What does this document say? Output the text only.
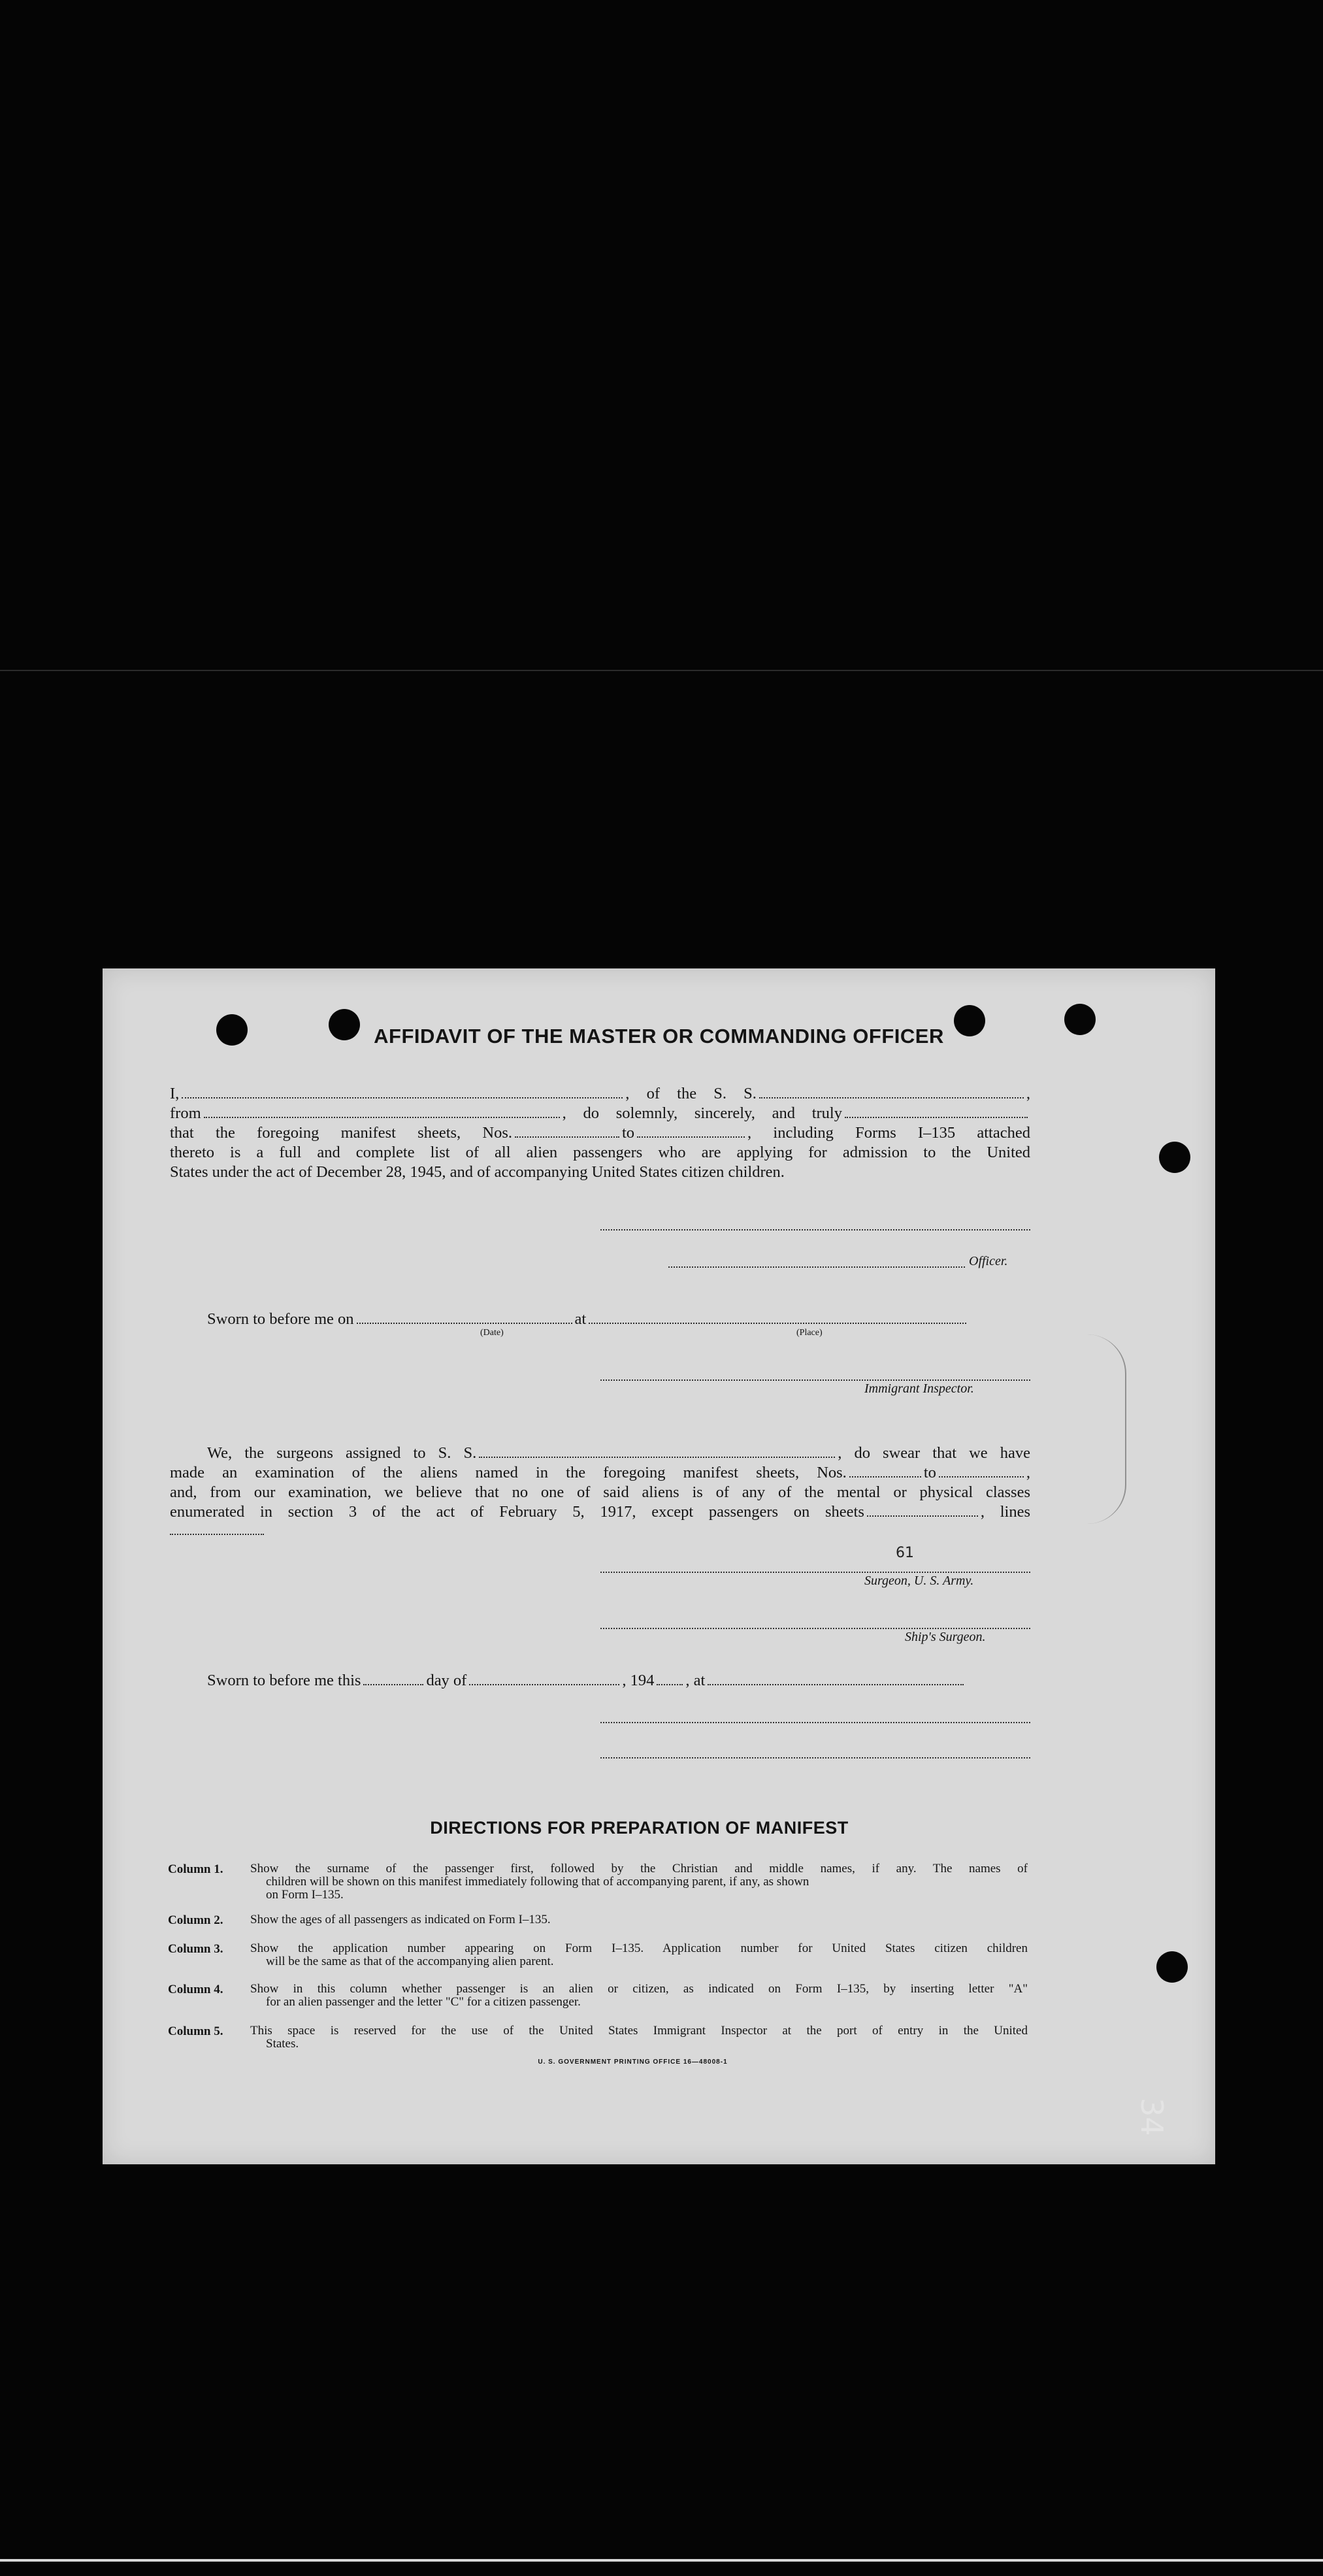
AFFIDAVIT OF THE MASTER OR COMMANDING OFFICER
I,	, of the S. S.	,
from	, do solemnly, sincerely, and truly
that the foregoing manifest sheets, Nos.	to	, including Forms I–135 attached
thereto is a full and complete list of all alien passengers who are applying for admission to the United
States under the act of December 28, 1945, and of accompanying United States citizen children.
Officer.
Sworn to before me on	at
(Date)	(Place)
Immigrant Inspector.
We, the surgeons assigned to S. S.	, do swear that we have
made an examination of the aliens named in the foregoing manifest sheets, Nos.	to	,
and, from our examination, we believe that no one of said aliens is of any of the mental or physical classes
enumerated in section 3 of the act of February 5, 1917, except passengers on sheets	, lines
61
Surgeon, U. S. Army.
Ship's Surgeon.
Sworn to before me this	day of	, 194 , at
DIRECTIONS FOR PREPARATION OF MANIFEST
Column 1. Show the surname of the passenger first, followed by the Christian and middle names, if any. The names of
children will be shown on this manifest immediately following that of accompanying parent, if any, as shown
on Form I–135.
Column 2. Show the ages of all passengers as indicated on Form I–135.
Column 3. Show the application number appearing on Form I–135. Application number for United States citizen children
will be the same as that of the accompanying alien parent.
Column 4. Show in this column whether passenger is an alien or citizen, as indicated on Form I–135, by inserting letter "A"
for an alien passenger and the letter "C" for a citizen passenger.
Column 5. This space is reserved for the use of the United States Immigrant Inspector at the port of entry in the United
States.
U. S. GOVERNMENT PRINTING OFFICE 16—48008-1
34
